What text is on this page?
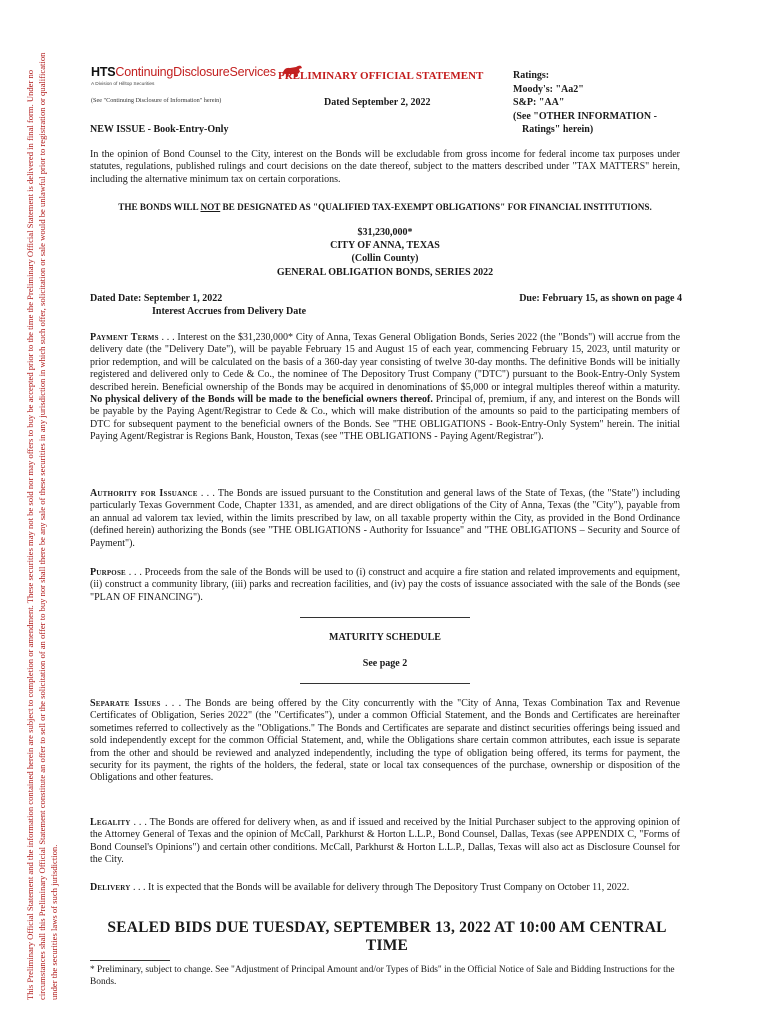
This Preliminary Official Statement and the information contained herein are subject to completion or amendment. These securities may not be sold nor may offers to buy be accepted prior to the time the Preliminary Official Statement is delivered in final form. Under no circumstances shall this Preliminary Official Statement constitute an offer to sell or the solicitation of an offer to buy nor shall there be any sale of these securities in any jurisdiction in which such offer, solicitation or sale would be unlawful prior to registration or qualification under the securities laws of such jurisdiction.
HTSContinuingDisclosureServices
A Division of Hilltop Securities
(See "Continuing Disclosure of Information" herein)
PRELIMINARY OFFICIAL STATEMENT
Dated September 2, 2022
Ratings:
Moody's: "Aa2"
S&P: "AA"
(See "OTHER INFORMATION -
Ratings" herein)
NEW ISSUE - Book-Entry-Only
In the opinion of Bond Counsel to the City, interest on the Bonds will be excludable from gross income for federal income tax purposes under statutes, regulations, published rulings and court decisions on the date thereof, subject to the matters described under "TAX MATTERS" herein, including the alternative minimum tax on certain corporations.
THE BONDS WILL NOT BE DESIGNATED AS "QUALIFIED TAX-EXEMPT OBLIGATIONS" FOR FINANCIAL INSTITUTIONS.
$31,230,000*
CITY OF ANNA, TEXAS
(Collin County)
GENERAL OBLIGATION BONDS, SERIES 2022
Dated Date: September 1, 2022
Interest Accrues from Delivery Date
Due: February 15, as shown on page 4
Payment Terms . . . Interest on the $31,230,000* City of Anna, Texas General Obligation Bonds, Series 2022 (the "Bonds") will accrue from the delivery date (the "Delivery Date"), will be payable February 15 and August 15 of each year, commencing February 15, 2023, until maturity or prior redemption, and will be calculated on the basis of a 360-day year consisting of twelve 30-day months. The definitive Bonds will be initially registered and delivered only to Cede & Co., the nominee of The Depository Trust Company ("DTC") pursuant to the Book-Entry-Only System described herein. Beneficial ownership of the Bonds may be acquired in denominations of $5,000 or integral multiples thereof within a maturity. No physical delivery of the Bonds will be made to the beneficial owners thereof. Principal of, premium, if any, and interest on the Bonds will be payable by the Paying Agent/Registrar to Cede & Co., which will make distribution of the amounts so paid to the participating members of DTC for subsequent payment to the beneficial owners of the Bonds. See "THE OBLIGATIONS - Book-Entry-Only System" herein. The initial Paying Agent/Registrar is Regions Bank, Houston, Texas (see "THE OBLIGATIONS - Paying Agent/Registrar").
Authority for Issuance . . . The Bonds are issued pursuant to the Constitution and general laws of the State of Texas, (the "State") including particularly Texas Government Code, Chapter 1331, as amended, and are direct obligations of the City of Anna, Texas (the "City"), payable from an annual ad valorem tax levied, within the limits prescribed by law, on all taxable property within the City, as provided in the Bond Ordinance (defined herein) authorizing the Bonds (see "THE OBLIGATIONS - Authority for Issuance" and "THE OBLIGATIONS – Security and Source of Payment").
Purpose . . . Proceeds from the sale of the Bonds will be used to (i) construct and acquire a fire station and related improvements and equipment, (ii) construct a community library, (iii) parks and recreation facilities, and (iv) pay the costs of issuance associated with the sale of the Bonds (see "PLAN OF FINANCING").
MATURITY SCHEDULE
See page 2
Separate Issues . . . The Bonds are being offered by the City concurrently with the "City of Anna, Texas Combination Tax and Revenue Certificates of Obligation, Series 2022" (the "Certificates"), under a common Official Statement, and the Bonds and Certificates are hereinafter sometimes referred to collectively as the "Obligations." The Bonds and Certificates are separate and distinct securities offerings being issued and sold independently except for the common Official Statement, and, while the Obligations share certain common attributes, each issue is separate from the other and should be reviewed and analyzed independently, including the type of obligation being offered, its terms for payment, the security for its payment, the rights of the holders, the federal, state or local tax consequences of the purchase, ownership or disposition of the Obligations and other features.
Legality . . . The Bonds are offered for delivery when, as and if issued and received by the Initial Purchaser subject to the approving opinion of the Attorney General of Texas and the opinion of McCall, Parkhurst & Horton L.L.P., Bond Counsel, Dallas, Texas (see APPENDIX C, "Forms of Bond Counsel's Opinions") and certain other conditions. McCall, Parkhurst & Horton L.L.P., Dallas, Texas will also act as Disclosure Counsel for the City.
Delivery . . . It is expected that the Bonds will be available for delivery through The Depository Trust Company on October 11, 2022.
SEALED BIDS DUE TUESDAY, SEPTEMBER 13, 2022 AT 10:00 AM CENTRAL TIME
* Preliminary, subject to change. See "Adjustment of Principal Amount and/or Types of Bids" in the Official Notice of Sale and Bidding Instructions for the Bonds.
